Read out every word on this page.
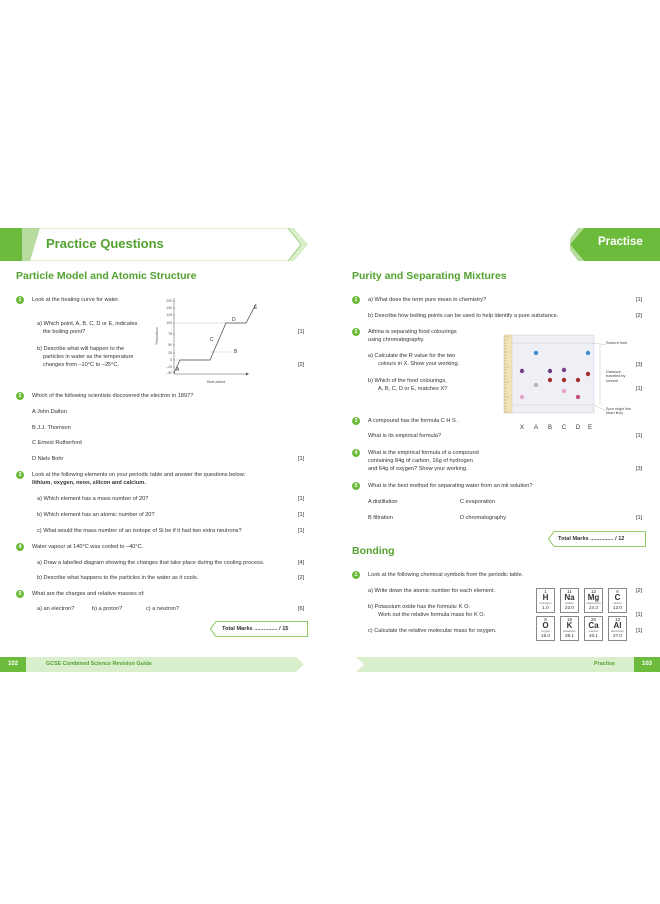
Practice Questions
Particle Model and Atomic Structure
1	Look at the heating curve for water.
a) Which point, A, B, C, D or E, indicates
the boiling point?	[1]
b) Describe what will happen to the
particles in water as the temperature
changes from –10°C to –25°C.	[2]
Temperature
200
150
125
100
75
50
25
0
–25
–50
A
B
C
D
E
Heat added
2	Which of the following scientists discovered the electron in 1897?
A John Dalton
B J.J. Thomson
C Ernest Rutherford
D Niels Bohr	[1]
3	Look at the following elements on your periodic table and answer the questions below:
lithium, oxygen, neon, silicon and calcium.
a) Which element has a mass number of 20?	[1]
b) Which element has an atomic number of 20?	[1]
c) What would the mass number of an isotope of Si be if it had two extra neutrons?	[1]
4	Water vapour at 140°C was cooled to –40°C.
a) Draw a labelled diagram showing the changes that take place during the cooling process.	[4]
b) Describe what happens to the particles in the water as it cools.	[2]
5	What are the charges and relative masses of:
a) an electron?	b) a proton?	c) a neutron?	[6]
Total Marks ............... / 15
102	GCSE Combined Science Revision Guide
Practise
Purity and Separating Mixtures
1	a) What does the term pure mean in chemistry?	[1]
b) Describe how boiling points can be used to help identify a pure substance.	[2]
2	Athina is separating food colourings
using chromatography.
a) Calculate the R value for the two
colours in X. Show your working.	[3]
b) Which of the food colourings,
A, B, C, D or E, matches X?	[1]
X A B C D E
Solvent front
Distance travelled by solvent
Spot origin line (start line)
3	A compound has the formula C H S .
What is its empirical formula?	[1]
4	What is the empirical formula of a compound
containing 84g of carbon, 16g of hydrogen
and 64g of oxygen? Show your working.	[3]
5	What is the best method for separating water from an ink solution?
A distillation	C evaporation
B filtration	D chromatography	[1]
Total Marks ............... / 12
Bonding
1	Look at the following chemical symbols from the periodic table.
a) Write down the atomic number for each element.	[2]
b) Potassium oxide has the formula: K O.
Work out the relative formula mass for K O.	[1]
c) Calculate the relative molecular mass for oxygen.	[1]
1
H
hydrogen
1.0
11
Na
sodium
23.0
12
Mg
magnesium
24.3
6
C
carbon
12.0
8
O
oxygen
16.0
19
K
potassium
39.1
20
Ca
calcium
40.1
13
Al
aluminium
27.0
Practise	103
